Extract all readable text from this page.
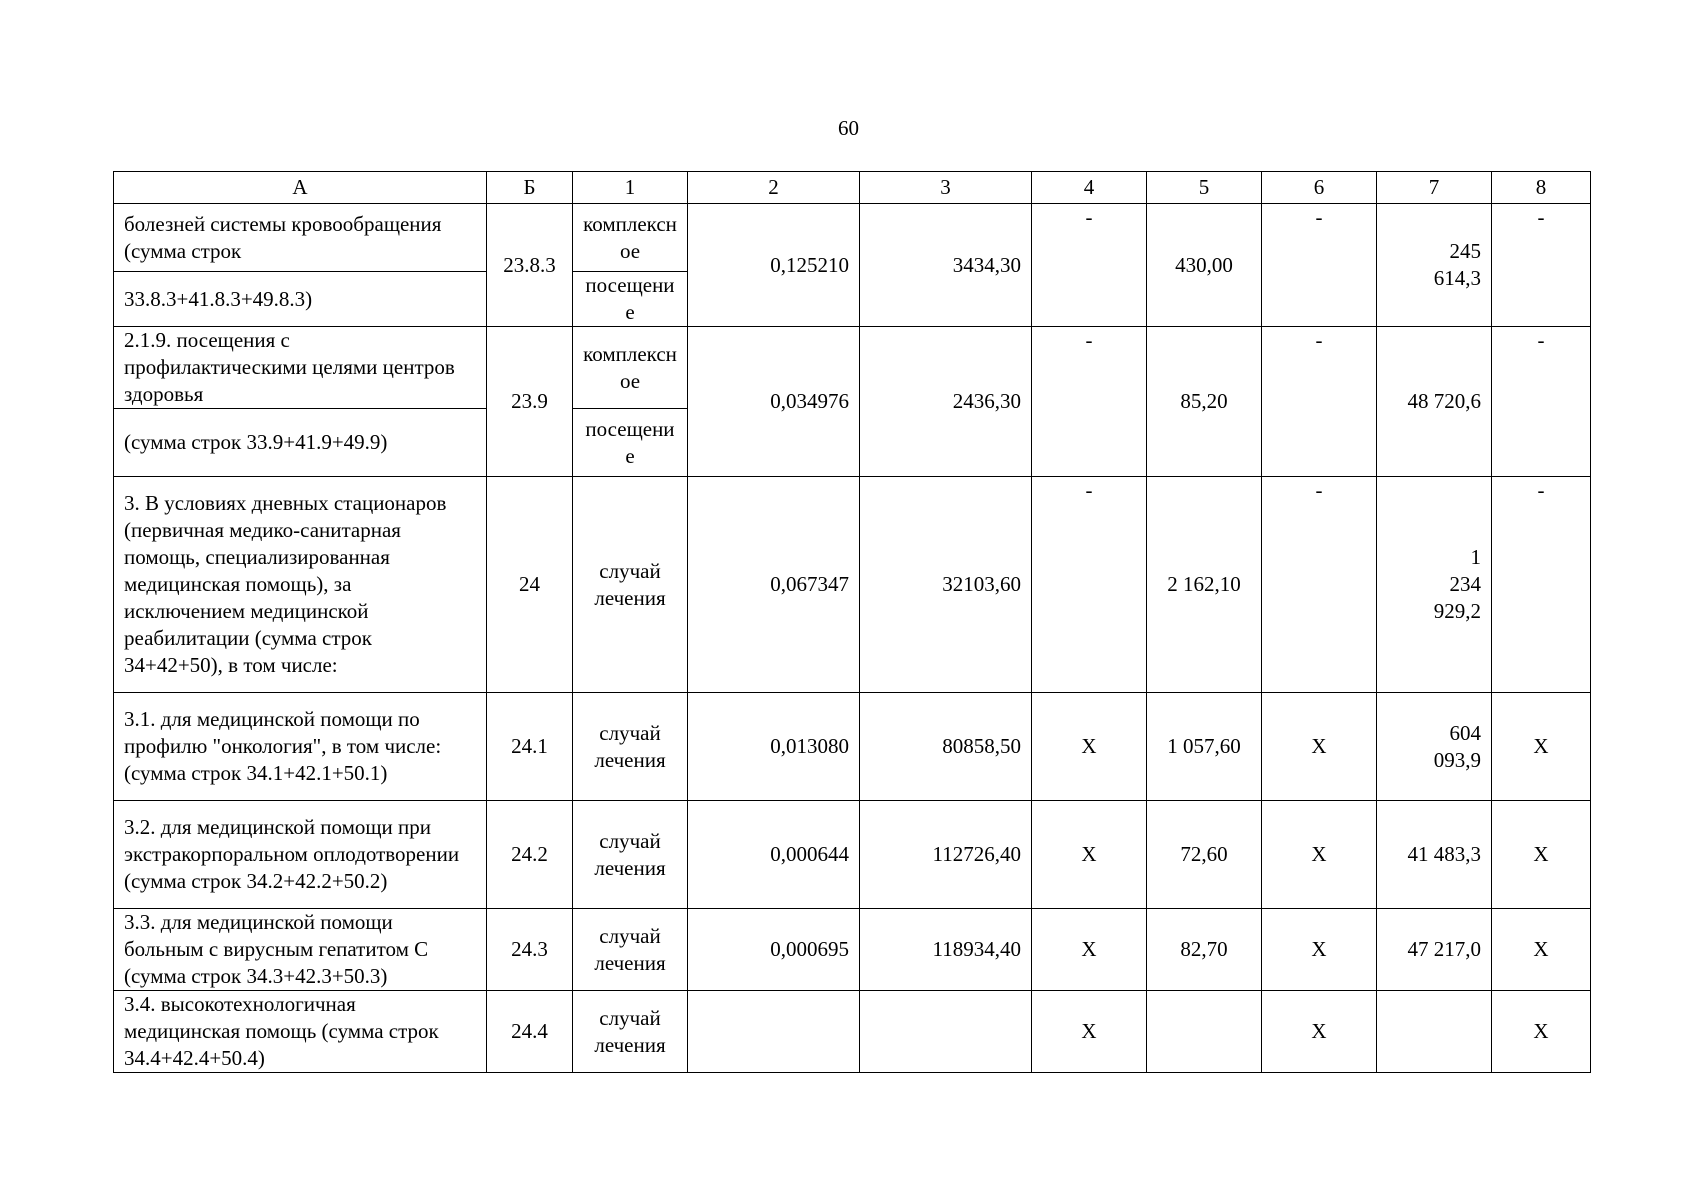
60
А	Б	1	2	3	4	5	6	7	8
болезней системы кровообращения (сумма строк	23.8.3	комплексное	0,125210	3434,30	-	430,00	-	245 614,3	-
33.8.3+41.8.3+49.8.3)		посещение							
2.1.9. посещения с профилактическими целями центров здоровья	23.9	комплексное	0,034976	2436,30	-	85,20	-	48 720,6	-
(сумма строк 33.9+41.9+49.9)		посещение							
3. В условиях дневных стационаров (первичная медико-санитарная помощь, специализированная медицинская помощь), за исключением медицинской реабилитации (сумма строк 34+42+50), в том числе:	24	случай лечения	0,067347	32103,60	-	2 162,10	-	1 234 929,2	-
3.1. для медицинской помощи по профилю "онкология", в том числе: (сумма строк 34.1+42.1+50.1)	24.1	случай лечения	0,013080	80858,50	X	1 057,60	X	604 093,9	X
3.2. для медицинской помощи при экстракорпоральном оплодотворении (сумма строк 34.2+42.2+50.2)	24.2	случай лечения	0,000644	112726,40	X	72,60	X	41 483,3	X
3.3. для медицинской помощи больным с вирусным гепатитом С (сумма строк 34.3+42.3+50.3)	24.3	случай лечения	0,000695	118934,40	X	82,70	X	47 217,0	X
3.4. высокотехнологичная медицинская помощь (сумма строк 34.4+42.4+50.4)	24.4	случай лечения			X		X		X
